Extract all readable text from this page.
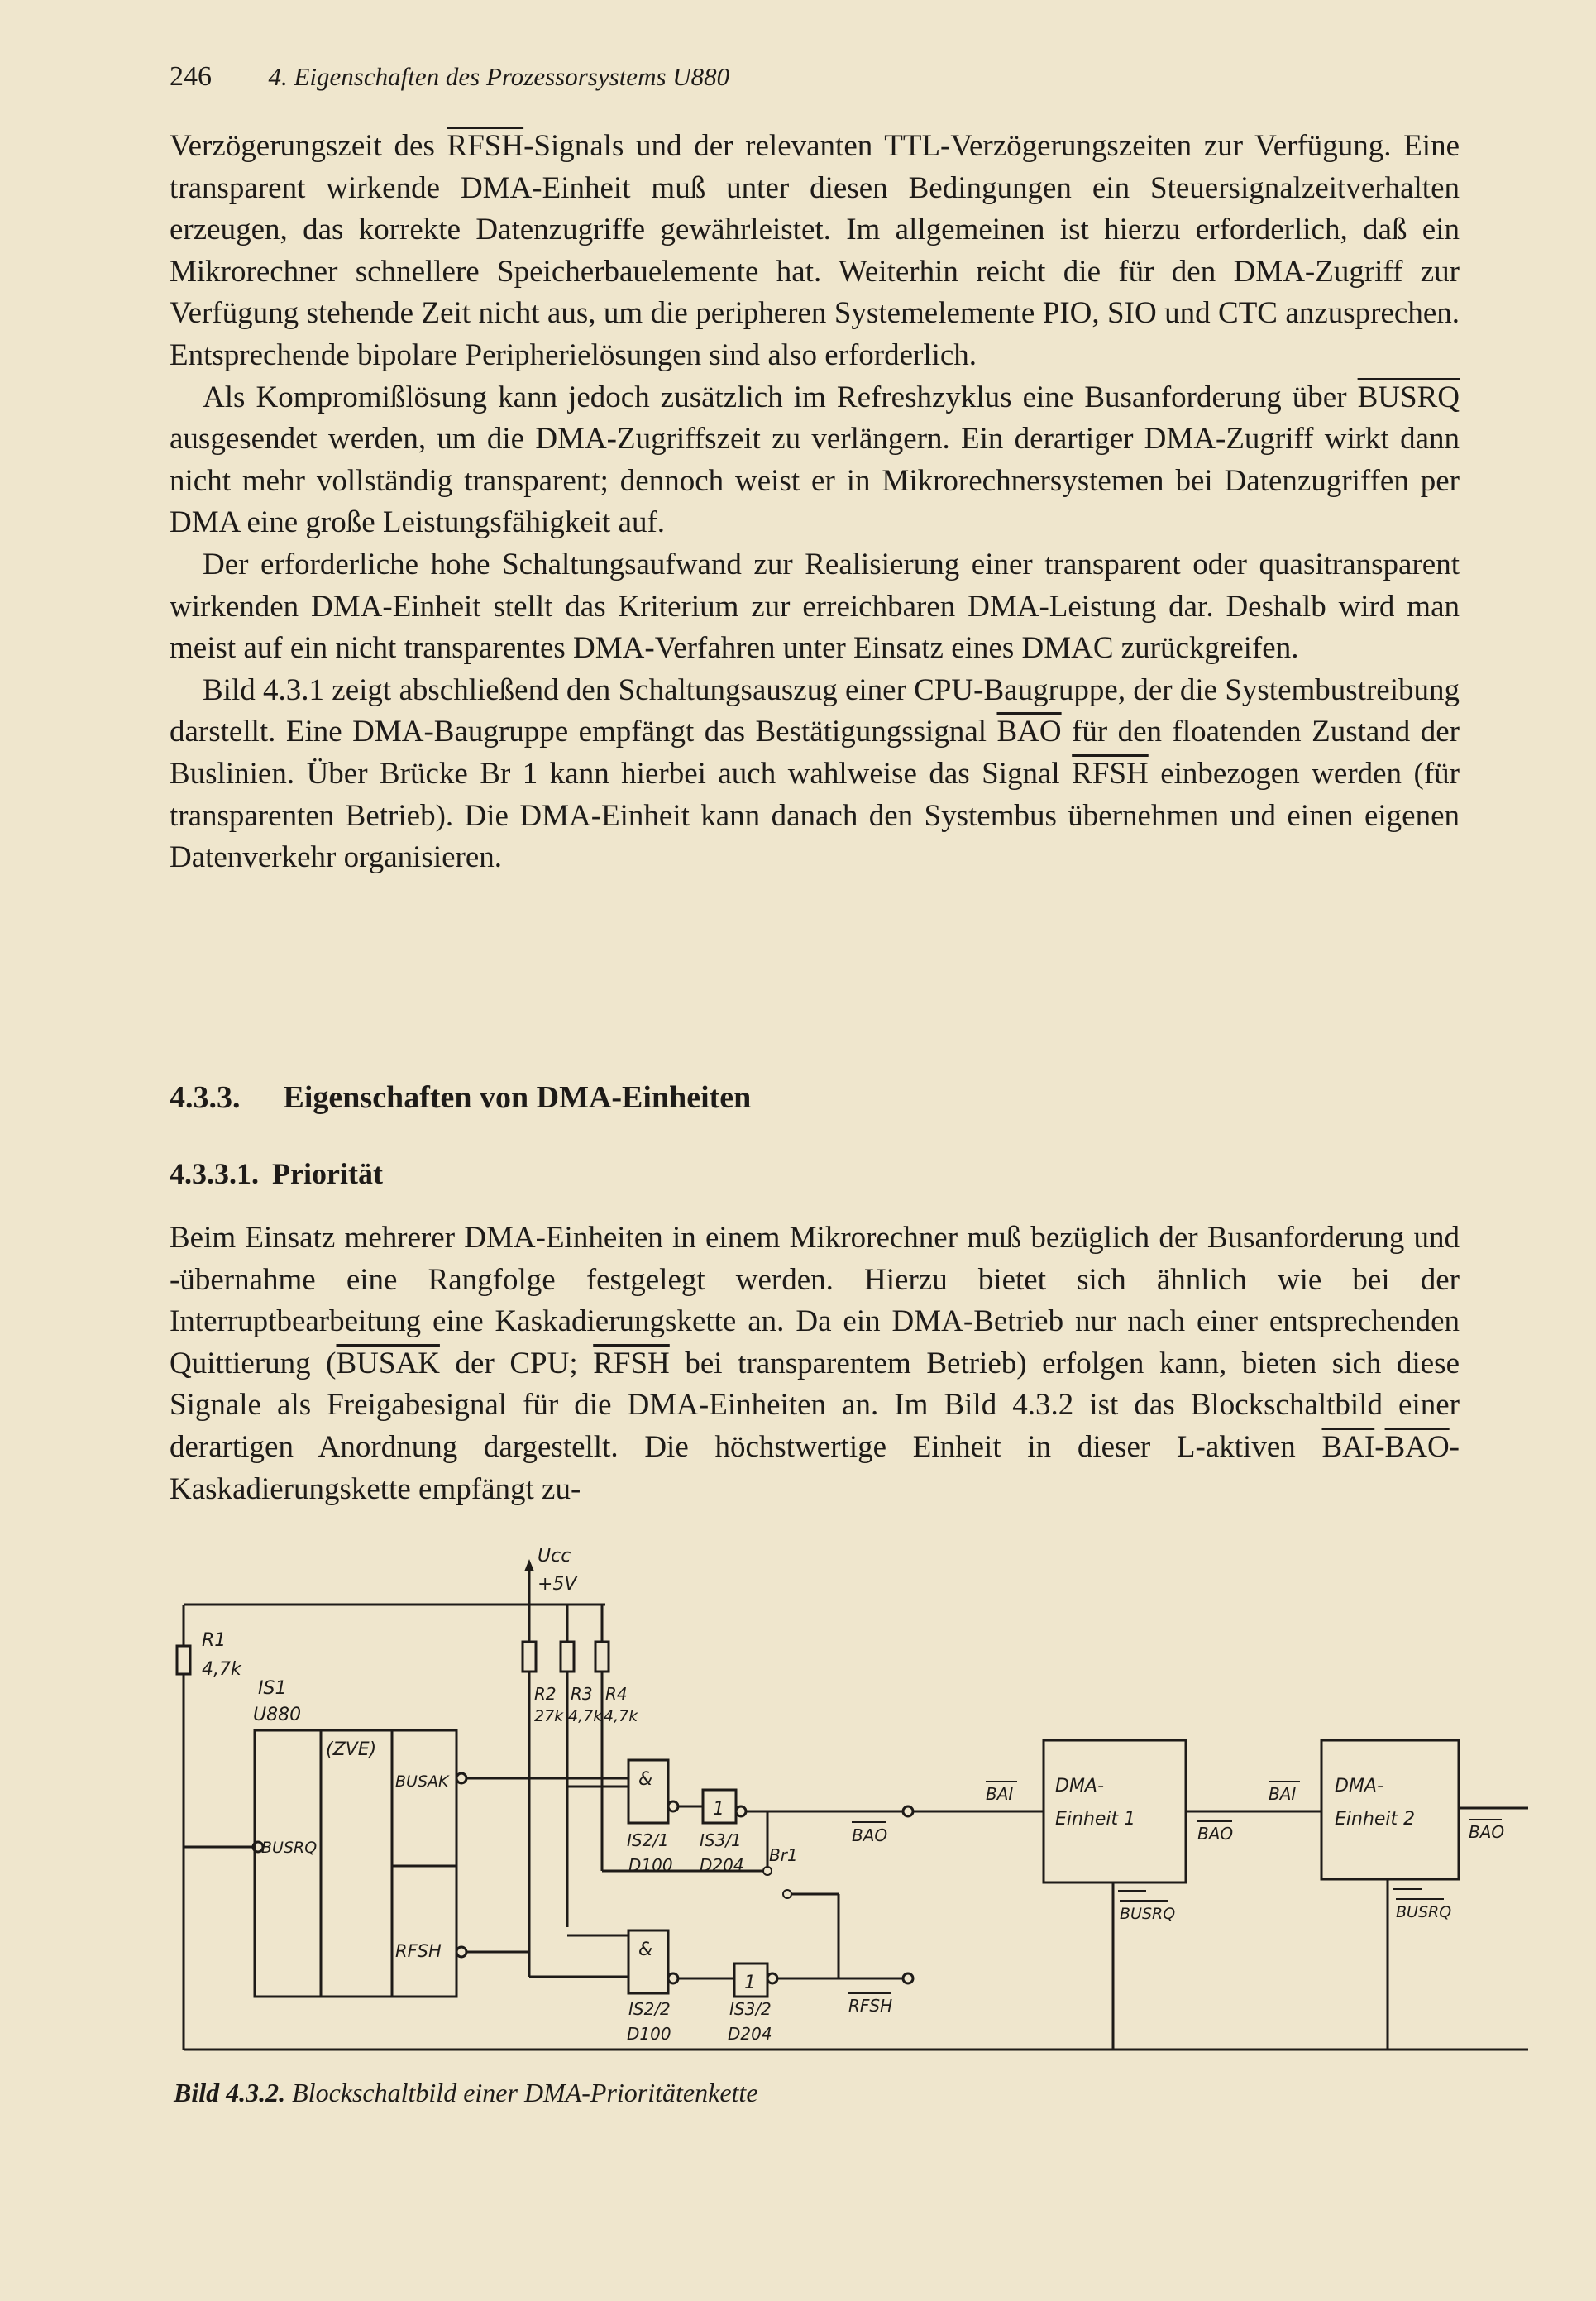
246 4. Eigenschaften des Prozessorsystems U880

Verzögerungszeit des RFSH-Signals und der relevanten TTL-Verzögerungszeiten zur Verfügung. Eine transparent wirkende DMA-Einheit muß unter diesen Bedingungen ein Steuersignalzeitverhalten erzeugen, das korrekte Datenzugriffe gewährleistet. Im allgemeinen ist hierzu erforderlich, daß ein Mikrorechner schnellere Speicherbauelemente hat. Weiterhin reicht die für den DMA-Zugriff zur Verfügung stehende Zeit nicht aus, um die peripheren Systemelemente PIO, SIO und CTC anzusprechen. Entsprechende bipolare Peripherielösungen sind also erforderlich.

Als Kompromißlösung kann jedoch zusätzlich im Refreshzyklus eine Busanforderung über BUSRQ ausgesendet werden, um die DMA-Zugriffszeit zu verlängern. Ein derartiger DMA-Zugriff wirkt dann nicht mehr vollständig transparent; dennoch weist er in Mikrorechnersystemen bei Datenzugriffen per DMA eine große Leistungsfähigkeit auf.

Der erforderliche hohe Schaltungsaufwand zur Realisierung einer transparent oder quasitransparent wirkenden DMA-Einheit stellt das Kriterium zur erreichbaren DMA-Leistung dar. Deshalb wird man meist auf ein nicht transparentes DMA-Verfahren unter Einsatz eines DMAC zurückgreifen.

Bild 4.3.1 zeigt abschließend den Schaltungsauszug einer CPU-Baugruppe, der die Systembustreibung darstellt. Eine DMA-Baugruppe empfängt das Bestätigungssignal $\overline{BAO}$ für den floatenden Zustand der Buslinien. Über Brücke Br 1 kann hierbei auch wahlweise das Signal RFSH einbezogen werden (für transparenten Betrieb). Die DMA-Einheit kann danach den Systembus übernehmen und einen eigenen Datenverkehr organisieren.

4.3.3. Eigenschaften von DMA-Einheiten
4.3.3.1. Priorität

Beim Einsatz mehrerer DMA-Einheiten in einem Mikrorechner muß bezüglich der Busanforderung und -übernahme eine Rangfolge festgelegt werden. Hierzu bietet sich ähnlich wie bei der Interruptbearbeitung eine Kaskadierungskette an. Da ein DMA-Betrieb nur nach einer entsprechenden Quittierung (BUSAK der CPU; RFSH bei transparentem Betrieb) erfolgen kann, bieten sich diese Signale als Freigabesignal für die DMA-Einheiten an. Im Bild 4.3.2 ist das Blockschaltbild einer derartigen Anordnung dargestellt. Die höchstwertige Einheit in dieser L-aktiven $\overline{BAI}-\overline{BAO}$-Kaskadierungskette empfängt zu-

Ucc
+5V
R1
4,7k
IS1
U880
(ZVE)
BUSRQ
BUSAK
RFSH
R2
27k
R3
4,7k
R4
4,7k
&
IS2/1
D100
1
IS3/1
D204 Br1
BAO
BAI
&
IS2/2
D100
1
IS3/2
D204
RFSH
DMA-
Einheit 1
BAO
BAI
BUSRQ
DMA-
Einheit 2
BAO
BUSRQ
Bild 4.3.2. Blockschaltbild einer DMA-Prioritätenkette
